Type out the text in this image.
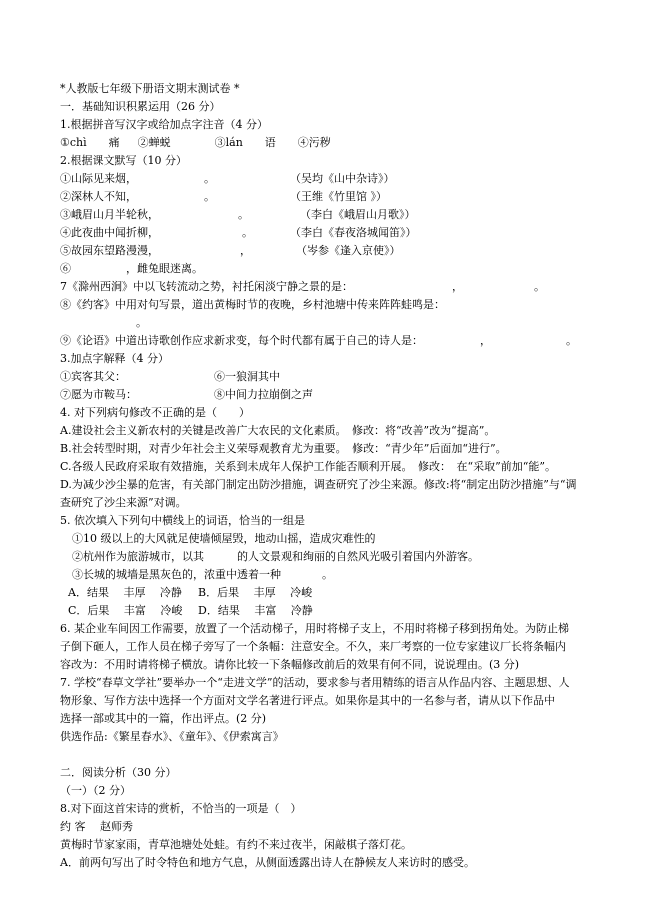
*人教版七年级下册语文期末测试卷 *
一．基础知识积累运用（26 分）
1.根据拼音写汉字或给加点字注音（4 分）
①chì　　痛　  ②蝉蜕　　　　③lán　　语　　④污秽
2.根据课文默写（10 分）
①山际见来烟，	。	（吴均《山中杂诗》）
②深林人不知，	。	（王维《竹里馆 》）
③峨眉山月半轮秋，	。	（李白《峨眉山月歌》）
④此夜曲中闻折柳，	。	（李白《春夜洛城闻笛》）
⑤故园东望路漫漫，	，	（岑参《逢入京使》）
⑥　　　　　，雌兔眼迷离。
7《滁州西涧》中以飞转流动之势，衬托闲淡宁静之景的是：	，	。
⑧《约客》中用对句写景，道出黄梅时节的夜晚，乡村池塘中传来阵阵蛙鸣是：
。
⑨《论语》中道出诗歌创作应求新求变，每个时代都有属于自己的诗人是：	，	。
3.加点字解释（4 分）
①宾客其父：	⑥一狼洞其中
⑦愿为市鞍马：	⑧中间力拉崩倒之声
4. 对下列病句修改不正确的是（　　）
A.建设社会主义新农村的关键是改善广大农民的文化素质。　修改：将“改善”改为“提高”。
B.社会转型时期，对青少年社会主义荣辱观教育尤为重要。　修改：“青少年”后面加“进行”。
C.各级人民政府采取有效措施，关系到未成年人保护工作能否顺利开展。　修改：　在“采取”前加“能”。
D.为减少沙尘暴的危害，有关部门制定出防沙措施，调查研究了沙尘来源。修改:将“制定出防沙措施”与“调
查研究了沙尘来源”对调。
5. 依次填入下列句中横线上的词语，恰当的一组是
①10 级以上的大风就足使墙倾屋毁，地动山摇，造成灾难性的
②杭州作为旅游城市，以其　　　的人文景观和绚丽的自然风光吸引着国内外游客。
③长城的城墙是黑灰色的，浓重中透着一种	。
A．结果　 丰厚　 冷静 B．后果　 丰厚　 冷峻
C．后果　 丰富　 冷峻 D．结果　 丰富　 冷静
6. 某企业车间因工作需要，放置了一个活动梯子，用时将梯子支上，不用时将梯子移到拐角处。为防止梯
子倒下砸人，工作人员在梯子旁写了一个条幅：注意安全。不久，来厂考察的一位专家建议厂长将条幅内
容改为：不用时请将梯子横放。请你比较一下条幅修改前后的效果有何不同，说说理由。(3 分)
7. 学校“春草文学社”要举办一个“走进文学”的活动，要求参与者用精练的语言从作品内容、主题思想、人
物形象、写作方法中选择一个方面对文学名著进行评点。如果你是其中的一名参与者，请从以下作品中
选择一部或其中的一篇，作出评点。(2 分)
供选作品:《繁星春水》、《童年》、《伊索寓言》
二．阅读分析（30 分）
（一）（2 分）
8.对下面这首宋诗的赏析，不恰当的一项是（　）
约 客　 赵师秀
黄梅时节家家雨，青草池塘处处蛙。有约不来过夜半，闲敲棋子落灯花。
A．前两句写出了时令特色和地方气息，从侧面透露出诗人在静候友人来访时的感受。
